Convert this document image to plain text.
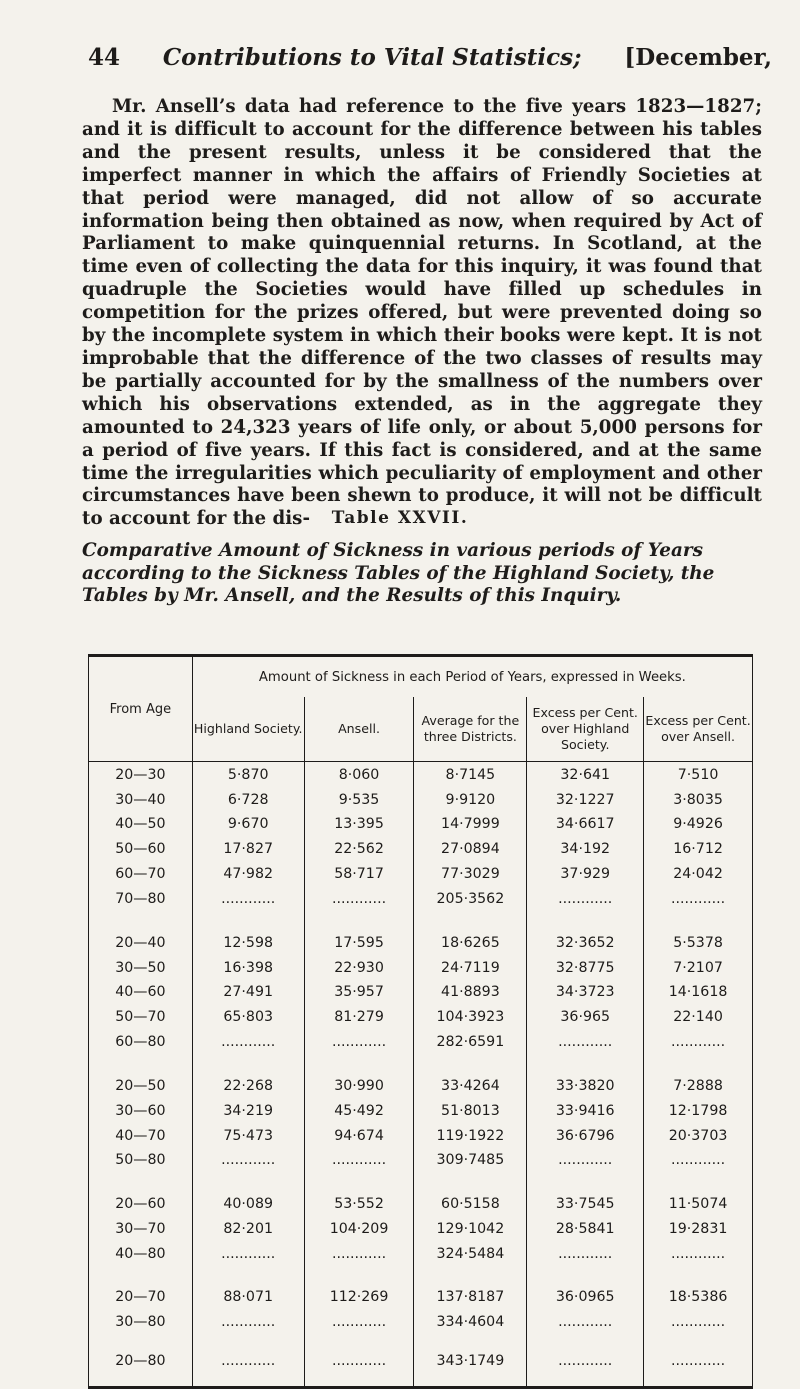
44 Contributions to Vital Statistics; [December,

Mr. Ansell’s data had reference to the five years 1823—1827; and it is difficult to account for the difference between his tables and the present results, unless it be considered that the imperfect manner in which the affairs of Friendly Societies at that period were managed, did not allow of so accurate information being then obtained as now, when required by Act of Parliament to make quinquennial returns. In Scotland, at the time even of collecting the data for this inquiry, it was found that quadruple the Societies would have filled up schedules in competition for the prizes offered, but were prevented doing so by the incomplete system in which their books were kept. It is not improbable that the difference of the two classes of results may be partially accounted for by the smallness of the numbers over which his observations extended, as in the aggregate they amounted to 24,323 years of life only, or about 5,000 persons for a period of five years. If this fact is considered, and at the same time the irregularities which peculiarity of employment and other circumstances have been shewn to produce, it will not be difficult to account for the dis-	Table XXVII.

Comparative Amount of Sickness in various periods of Years according to the Sickness Tables of the Highland Society, the Tables by Mr. Ansell, and the Results of this Inquiry.

From Age	Amount of Sickness in each Period of Years, expressed in Weeks.				
	Highland Society.	Ansell.	Average for the three Districts.	Excess per Cent. over Highland Society.	Excess per Cent. over Ansell.
20—30	5·870	8·060	8·7145	32·641	7·510
30—40	6·728	9·535	9·9120	32·1227	3·8035
40—50	9·670	13·395	14·7999	34·6617	9·4926
50—60	17·827	22·562	27·0894	34·192	16·712
60—70	47·982	58·717	77·3029	37·929	24·042
70—80	............	............	205·3562	............	............

20—40	12·598	17·595	18·6265	32·3652	5·5378
30—50	16·398	22·930	24·7119	32·8775	7·2107
40—60	27·491	35·957	41·8893	34·3723	14·1618
50—70	65·803	81·279	104·3923	36·965	22·140
60—80	............	............	282·6591	............	............

20—50	22·268	30·990	33·4264	33·3820	7·2888
30—60	34·219	45·492	51·8013	33·9416	12·1798
40—70	75·473	94·674	119·1922	36·6796	20·3703
50—80	............	............	309·7485	............	............

20—60	40·089	53·552	60·5158	33·7545	11·5074
30—70	82·201	104·209	129·1042	28·5841	19·2831
40—80	............	............	324·5484	............	............

20—70	88·071	112·269	137·8187	36·0965	18·5386
30—80	............	............	334·4604	............	............

20—80	............	............	343·1749	............	............
